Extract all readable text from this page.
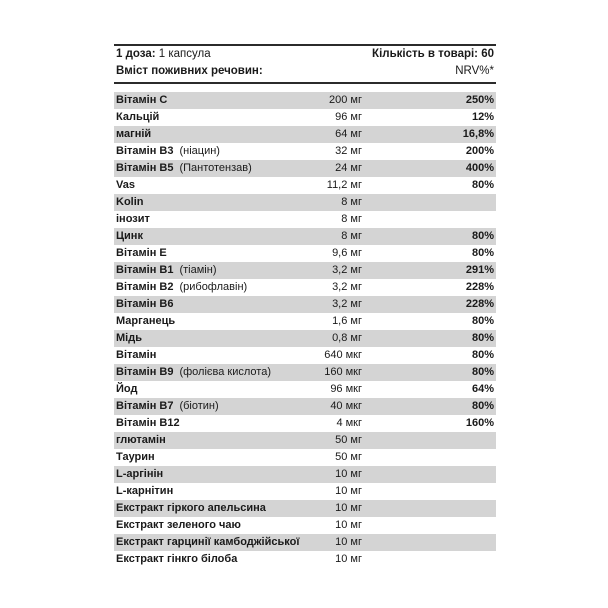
1 доза: 1 капсула	Кількість в товарі: 60
Вміст поживних речовин:	NRV%*
Вітамін C	200 мг	250%
Кальцій	96 мг	12%
магній	64 мг	16,8%
Вітамін B3 (ніацин)	32 мг	200%
Вітамін B5 (Пантотензав)	24 мг	400%
Vas	11,2 мг	80%
Kolin	8 мг
інозит	8 мг
Цинк	8 мг	80%
Вітамін E	9,6 мг	80%
Вітамін B1 (тіамін)	3,2 мг	291%
Вітамін B2 (рибофлавін)	3,2 мг	228%
Вітамін B6	3,2 мг	228%
Марганець	1,6 мг	80%
Мідь	0,8 мг	80%
Вітамін	640 мкг	80%
Вітамін B9 (фолієва кислота)	160 мкг	80%
Йод	96 мкг	64%
Вітамін B7 (біотин)	40 мкг	80%
Вітамін B12	4 мкг	160%
глютамін	50 мг
Таурин	50 мг
L-аргінін	10 мг
L-карнітин	10 мг
Екстракт гіркого апельсина	10 мг
Екстракт зеленого чаю	10 мг
Екстракт гарцинії камбоджійської	10 мг
Екстракт гінкго білоба	10 мг
